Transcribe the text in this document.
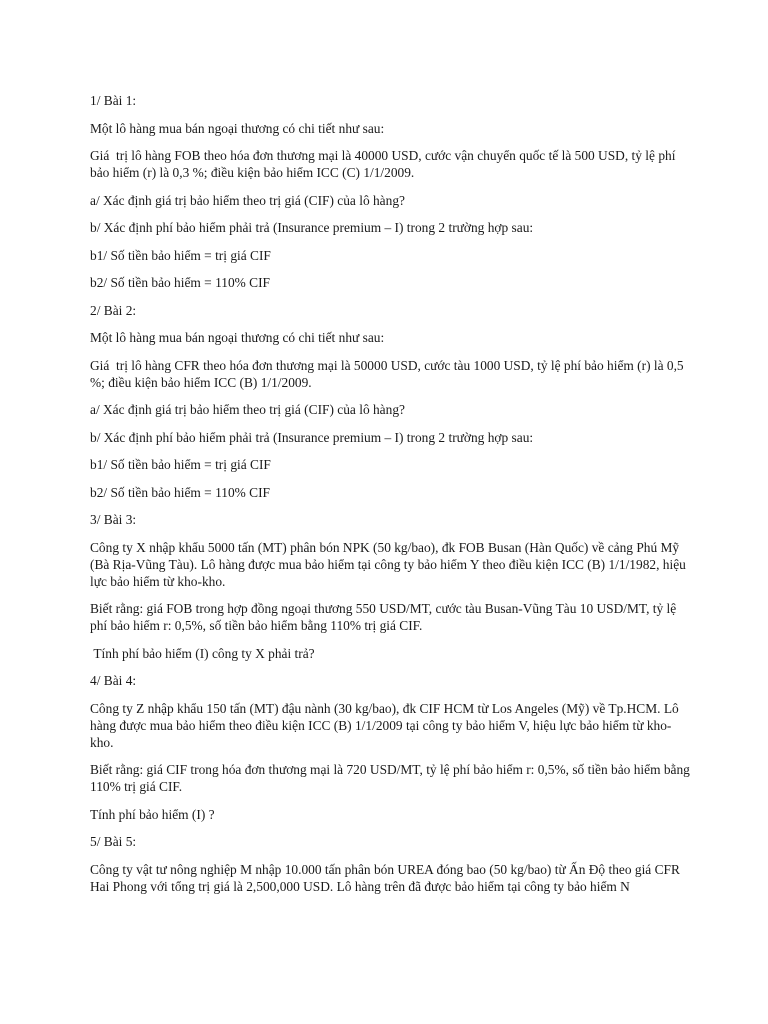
1/ Bài 1:

Một lô hàng mua bán ngoại thương có chi tiết như sau:

Giá  trị lô hàng FOB theo hóa đơn thương mại là 40000 USD, cước vận chuyển quốc tế là 500 USD, tỷ lệ phí bảo hiểm (r) là 0,3 %; điều kiện bảo hiểm ICC (C) 1/1/2009.

a/ Xác định giá trị bảo hiểm theo trị giá (CIF) của lô hàng?

b/ Xác định phí bảo hiểm phải trả (Insurance premium – I) trong 2 trường hợp sau:

b1/ Số tiền bảo hiểm = trị giá CIF

b2/ Số tiền bảo hiểm = 110% CIF

2/ Bài 2:

Một lô hàng mua bán ngoại thương có chi tiết như sau:

Giá  trị lô hàng CFR theo hóa đơn thương mại là 50000 USD, cước tàu 1000 USD, tỷ lệ phí bảo hiểm (r) là 0,5 %; điều kiện bảo hiểm ICC (B) 1/1/2009.

a/ Xác định giá trị bảo hiểm theo trị giá (CIF) của lô hàng?

b/ Xác định phí bảo hiểm phải trả (Insurance premium – I) trong 2 trường hợp sau:

b1/ Số tiền bảo hiểm = trị giá CIF

b2/ Số tiền bảo hiểm = 110% CIF

3/ Bài 3:

Công ty X nhập khẩu 5000 tấn (MT) phân bón NPK (50 kg/bao), đk FOB Busan (Hàn Quốc) về cảng Phú Mỹ (Bà Rịa-Vũng Tàu). Lô hàng được mua bảo hiểm tại công ty bảo hiểm Y theo điều kiện ICC (B) 1/1/1982, hiệu lực bảo hiểm từ kho-kho.

Biết rằng: giá FOB trong hợp đồng ngoại thương 550 USD/MT, cước tàu Busan-Vũng Tàu 10 USD/MT, tỷ lệ phí bảo hiểm r: 0,5%, số tiền bảo hiểm bằng 110% trị giá CIF.

Tính phí bảo hiểm (I) công ty X phải trả?

4/ Bài 4:

Công ty Z nhập khẩu 150 tấn (MT) đậu nành (30 kg/bao), đk CIF HCM từ Los Angeles (Mỹ) về Tp.HCM. Lô hàng được mua bảo hiểm theo điều kiện ICC (B) 1/1/2009 tại công ty bảo hiểm V, hiệu lực bảo hiểm từ kho-kho.

Biết rằng: giá CIF trong hóa đơn thương mại là 720 USD/MT, tỷ lệ phí bảo hiểm r: 0,5%, số tiền bảo hiểm bằng 110% trị giá CIF.

Tính phí bảo hiểm (I) ?

5/ Bài 5:

Công ty vật tư nông nghiệp M nhập 10.000 tấn phân bón UREA đóng bao (50 kg/bao) từ Ấn Độ theo giá CFR Hai Phong với tổng trị giá là 2,500,000 USD. Lô hàng trên đã được bảo hiểm tại công ty bảo hiểm N
